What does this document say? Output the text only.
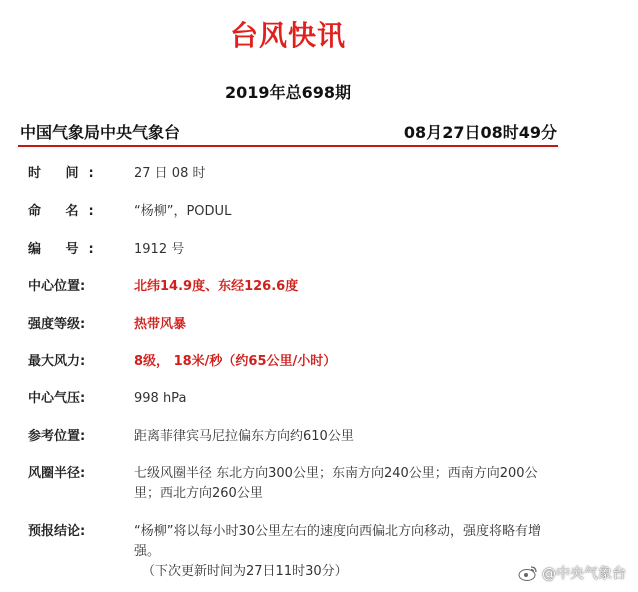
台风快讯
2019年总698期
中国气象局中央气象台	08月27日08时49分
时 间:	27 日 08 时
命 名:	“杨柳”，PODUL
编 号:	1912 号
中心位置:	北纬14.9度、东经126.6度
强度等级:	热带风暴
最大风力:	8级， 18米/秒（约65公里/小时）
中心气压:	998 hPa
参考位置:	距离菲律宾马尼拉偏东方向约610公里
风圈半径:	七级风圈半径 东北方向300公里；东南方向240公里；西南方向200公里；西北方向260公里
预报结论:	“杨柳”将以每小时30公里左右的速度向西偏北方向移动，强度将略有增强。
（下次更新时间为27日11时30分）	@中央气象台
